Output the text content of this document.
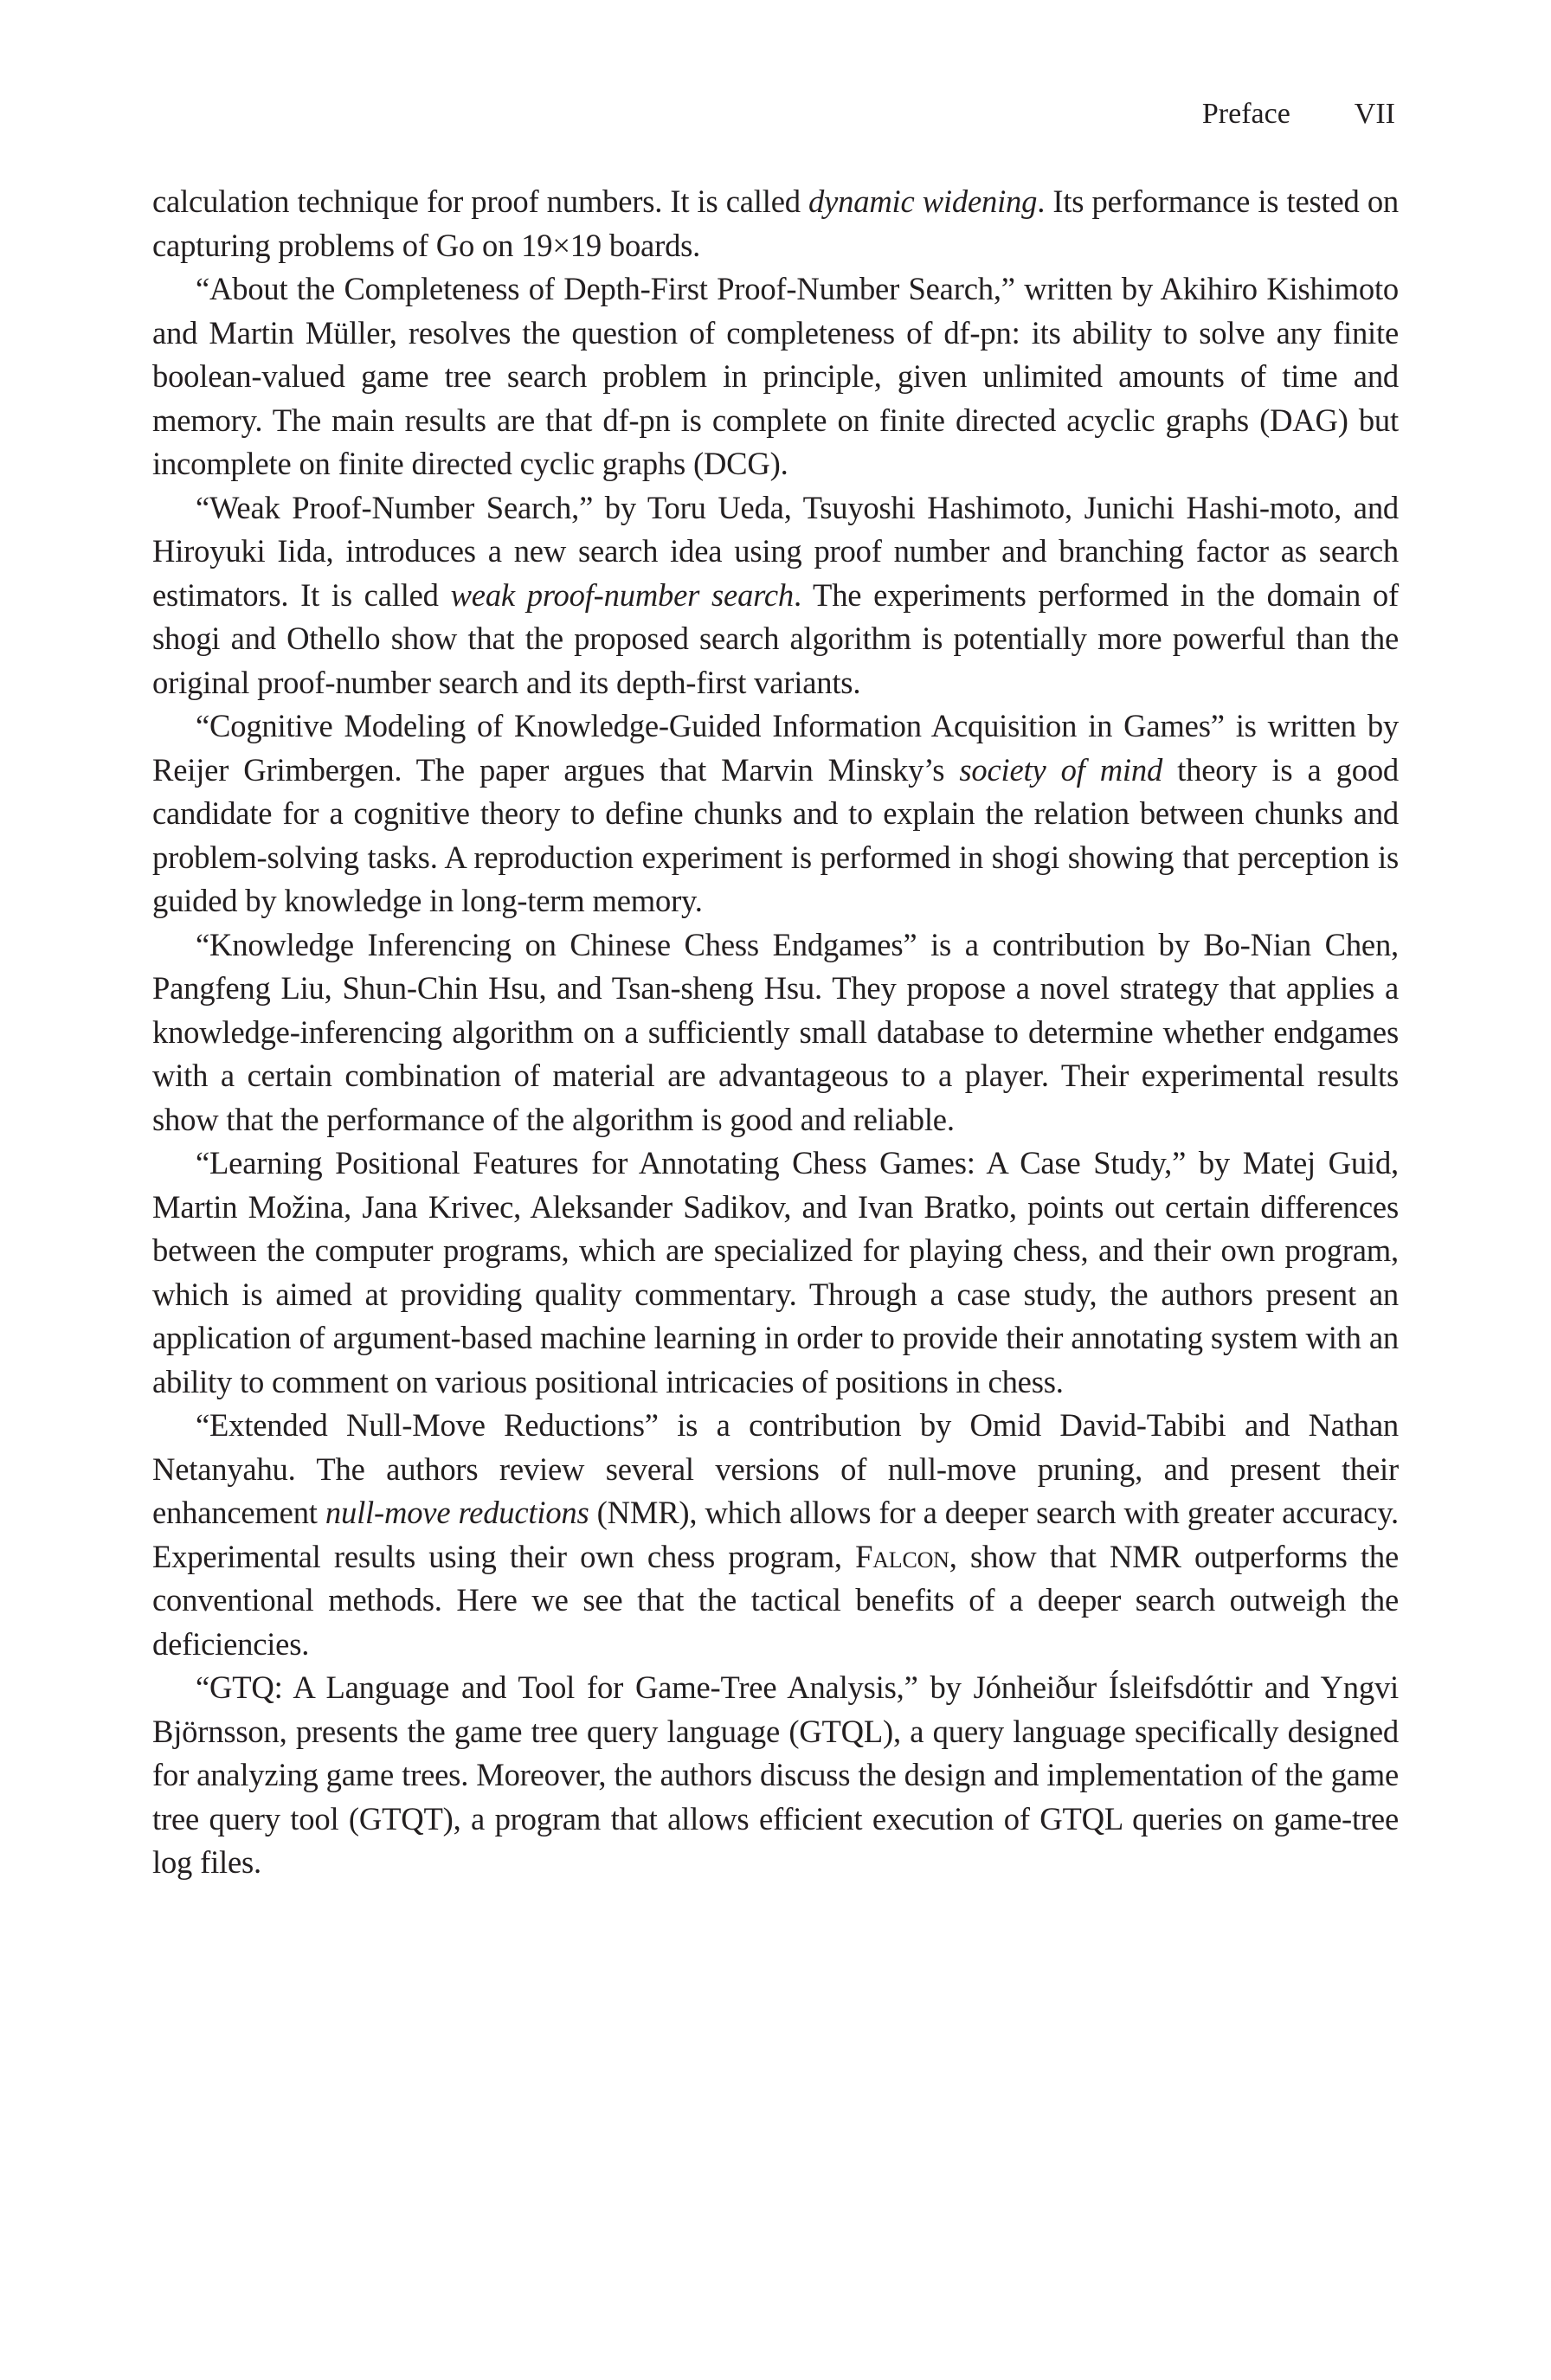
Preface VII

calculation technique for proof numbers. It is called dynamic widening. Its performance is tested on capturing problems of Go on 19×19 boards.

“About the Completeness of Depth-First Proof-Number Search,” written by Akihiro Kishimoto and Martin Müller, resolves the question of completeness of df-pn: its ability to solve any finite boolean-valued game tree search problem in principle, given unlimited amounts of time and memory. The main results are that df-pn is complete on finite directed acyclic graphs (DAG) but incomplete on finite directed cyclic graphs (DCG).

“Weak Proof-Number Search,” by Toru Ueda, Tsuyoshi Hashimoto, Junichi Hashi-moto, and Hiroyuki Iida, introduces a new search idea using proof number and branching factor as search estimators. It is called weak proof-number search. The experiments performed in the domain of shogi and Othello show that the proposed search algorithm is potentially more powerful than the original proof-number search and its depth-first variants.

“Cognitive Modeling of Knowledge-Guided Information Acquisition in Games” is written by Reijer Grimbergen. The paper argues that Marvin Minsky’s society of mind theory is a good candidate for a cognitive theory to define chunks and to explain the relation between chunks and problem-solving tasks. A reproduction experiment is performed in shogi showing that perception is guided by knowledge in long-term memory.

“Knowledge Inferencing on Chinese Chess Endgames” is a contribution by Bo-Nian Chen, Pangfeng Liu, Shun-Chin Hsu, and Tsan-sheng Hsu. They propose a novel strategy that applies a knowledge-inferencing algorithm on a sufficiently small database to determine whether endgames with a certain combination of material are advantageous to a player. Their experimental results show that the performance of the algorithm is good and reliable.

“Learning Positional Features for Annotating Chess Games: A Case Study,” by Matej Guid, Martin Možina, Jana Krivec, Aleksander Sadikov, and Ivan Bratko, points out certain differences between the computer programs, which are specialized for playing chess, and their own program, which is aimed at providing quality commentary. Through a case study, the authors present an application of argument-based machine learning in order to provide their annotating system with an ability to comment on various positional intricacies of positions in chess.

“Extended Null-Move Reductions” is a contribution by Omid David-Tabibi and Nathan Netanyahu. The authors review several versions of null-move pruning, and present their enhancement null-move reductions (NMR), which allows for a deeper search with greater accuracy. Experimental results using their own chess program, Falcon, show that NMR outperforms the conventional methods. Here we see that the tactical benefits of a deeper search outweigh the deficiencies.

“GTQ: A Language and Tool for Game-Tree Analysis,” by Jónheiður Ísleifsdóttir and Yngvi Björnsson, presents the game tree query language (GTQL), a query language specifically designed for analyzing game trees. Moreover, the authors discuss the design and implementation of the game tree query tool (GTQT), a program that allows efficient execution of GTQL queries on game-tree log files.
